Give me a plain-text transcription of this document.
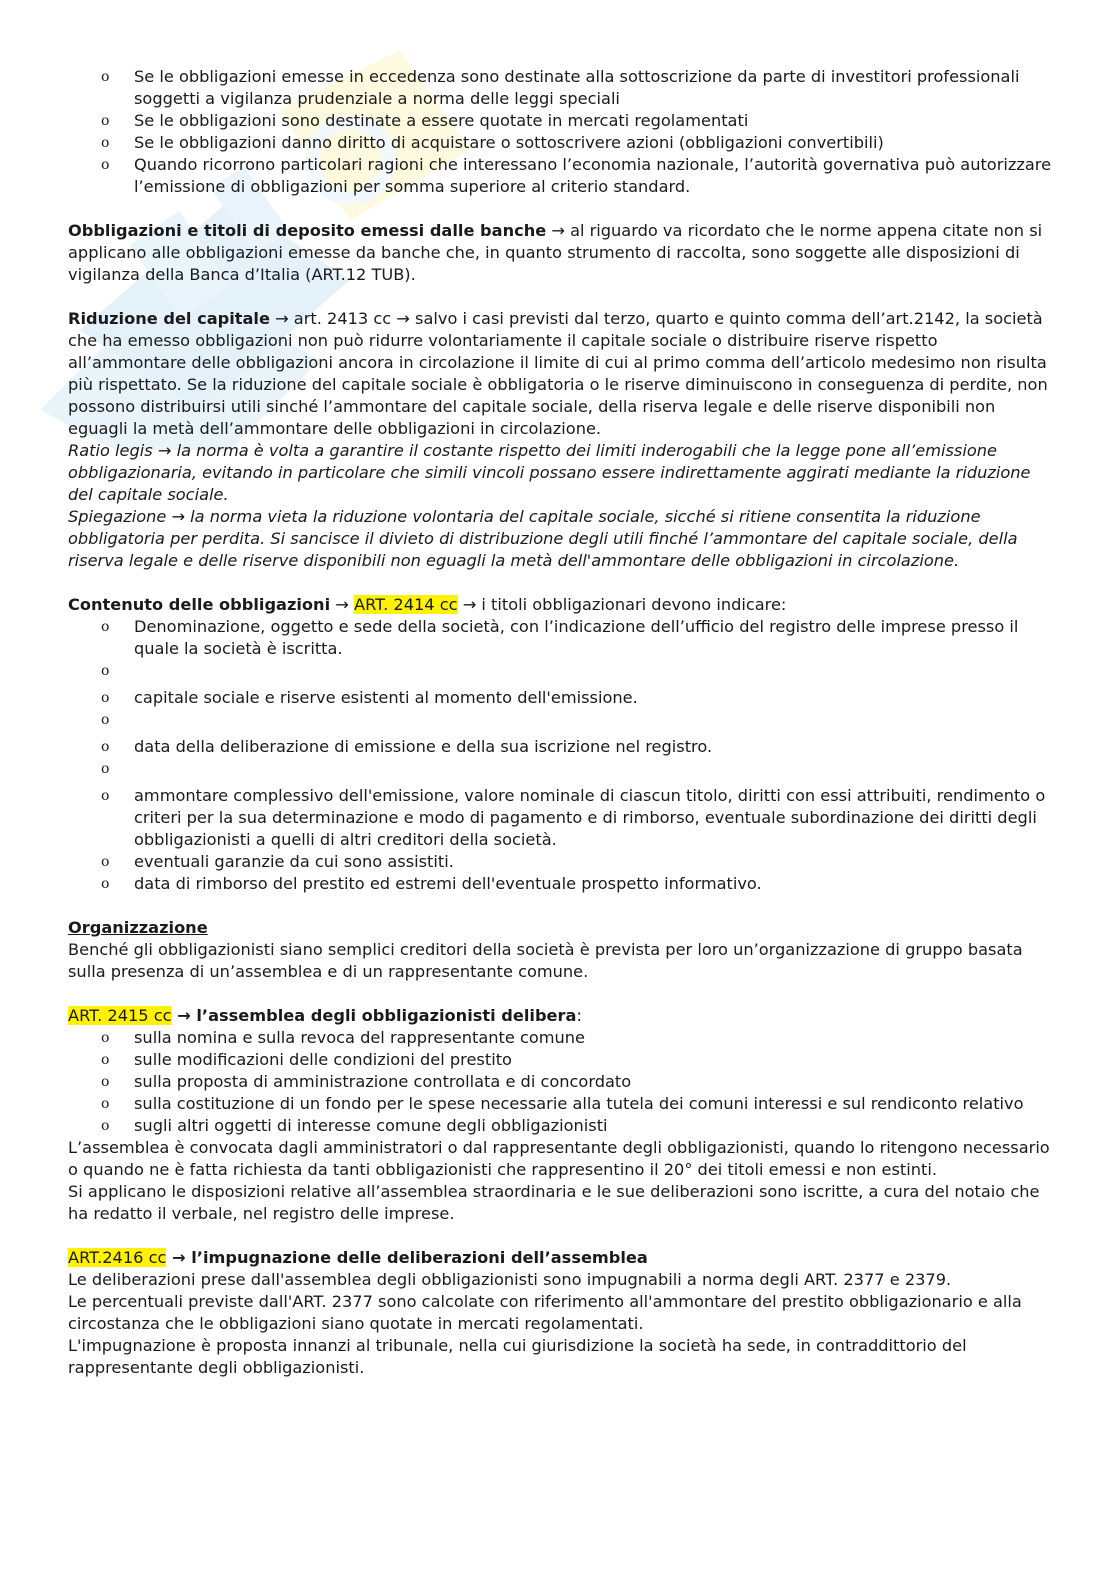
o Se le obbligazioni emesse in eccedenza sono destinate alla sottoscrizione da parte di investitori professionali soggetti a vigilanza prudenziale a norma delle leggi speciali
o Se le obbligazioni sono destinate a essere quotate in mercati regolamentati
o Se le obbligazioni danno diritto di acquistare o sottoscrivere azioni (obbligazioni convertibili)
o Quando ricorrono particolari ragioni che interessano l’economia nazionale, l’autorità governativa può autorizzare l’emissione di obbligazioni per somma superiore al criterio standard.

Obbligazioni e titoli di deposito emessi dalle banche → al riguardo va ricordato che le norme appena citate non si applicano alle obbligazioni emesse da banche che, in quanto strumento di raccolta, sono soggette alle disposizioni di vigilanza della Banca d’Italia (ART.12 TUB).

Riduzione del capitale → art. 2413 cc → salvo i casi previsti dal terzo, quarto e quinto comma dell’art.2142, la società che ha emesso obbligazioni non può ridurre volontariamente il capitale sociale o distribuire riserve rispetto all’ammontare delle obbligazioni ancora in circolazione il limite di cui al primo comma dell’articolo medesimo non risulta più rispettato. Se la riduzione del capitale sociale è obbligatoria o le riserve diminuiscono in conseguenza di perdite, non possono distribuirsi utili sinché l’ammontare del capitale sociale, della riserva legale e delle riserve disponibili non eguagli la metà dell’ammontare delle obbligazioni in circolazione.

Ratio legis → la norma è volta a garantire il costante rispetto dei limiti inderogabili che la legge pone all’emissione obbligazionaria, evitando in particolare che simili vincoli possano essere indirettamente aggirati mediante la riduzione del capitale sociale.

Spiegazione → la norma vieta la riduzione volontaria del capitale sociale, sicché si ritiene consentita la riduzione obbligatoria per perdita. Si sancisce il divieto di distribuzione degli utili finché l’ammontare del capitale sociale, della riserva legale e delle riserve disponibili non eguagli la metà dell'ammontare delle obbligazioni in circolazione.

Contenuto delle obbligazioni → ART. 2414 cc → i titoli obbligazionari devono indicare:

o Denominazione, oggetto e sede della società, con l’indicazione dell’ufficio del registro delle imprese presso il quale la società è iscritta.
o
o capitale sociale e riserve esistenti al momento dell'emissione.
o
o data della deliberazione di emissione e della sua iscrizione nel registro.
o
o ammontare complessivo dell'emissione, valore nominale di ciascun titolo, diritti con essi attribuiti, rendimento o criteri per la sua determinazione e modo di pagamento e di rimborso, eventuale subordinazione dei diritti degli obbligazionisti a quelli di altri creditori della società.
o eventuali garanzie da cui sono assistiti.
o data di rimborso del prestito ed estremi dell'eventuale prospetto informativo.

Organizzazione

Benché gli obbligazionisti siano semplici creditori della società è prevista per loro un’organizzazione di gruppo basata sulla presenza di un’assemblea e di un rappresentante comune.

ART. 2415 cc → l’assemblea degli obbligazionisti delibera:

o sulla nomina e sulla revoca del rappresentante comune
o sulle modificazioni delle condizioni del prestito
o sulla proposta di amministrazione controllata e di concordato
o sulla costituzione di un fondo per le spese necessarie alla tutela dei comuni interessi e sul rendiconto relativo
o sugli altri oggetti di interesse comune degli obbligazionisti

L’assemblea è convocata dagli amministratori o dal rappresentante degli obbligazionisti, quando lo ritengono necessario o quando ne è fatta richiesta da tanti obbligazionisti che rappresentino il 20° dei titoli emessi e non estinti.

Si applicano le disposizioni relative all’assemblea straordinaria e le sue deliberazioni sono iscritte, a cura del notaio che ha redatto il verbale, nel registro delle imprese.

ART.2416 cc → l’impugnazione delle deliberazioni dell’assemblea

Le deliberazioni prese dall'assemblea degli obbligazionisti sono impugnabili a norma degli ART. 2377 e 2379.

Le percentuali previste dall'ART. 2377 sono calcolate con riferimento all'ammontare del prestito obbligazionario e alla circostanza che le obbligazioni siano quotate in mercati regolamentati.

L'impugnazione è proposta innanzi al tribunale, nella cui giurisdizione la società ha sede, in contraddittorio del rappresentante degli obbligazionisti.
